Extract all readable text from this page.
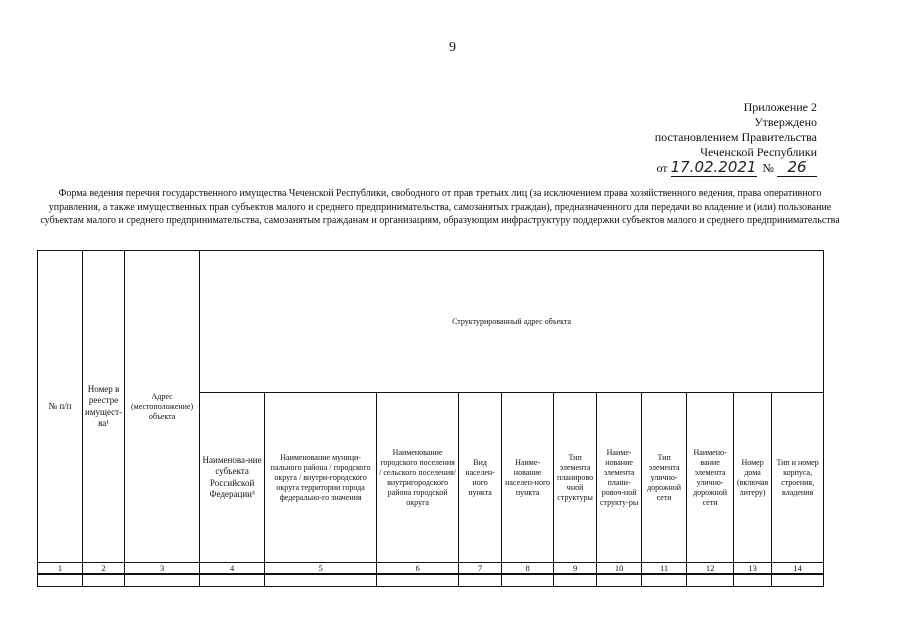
9
Приложение 2
Утверждено
постановлением Правительства
Чеченской Республики
от 17.02.2021 № 26
Форма ведения перечня государственного имущества Чеченской Республики, свободного от прав третьих лиц (за исключением права хозяйственного ведения, права оперативного управления, а также имущественных прав субъектов малого и среднего предпринимательства, самозанятых граждан), предназначенного для передачи во владение и (или) пользование субъектам малого и среднего предпринимательства, самозанятым гражданам и организациям, образующим инфраструктуру поддержки субъектов малого и среднего предпринимательства
№ п/п	Номер в реестре имущест-ва¹	Адрес (местоположение) объекта	Структурированный адрес объекта										
			Наименова-ние субъекта Российской Федерации³	Наименование муници-пального района / городского округа / внутри-городского округа территории города федерально-го значения	Наименование городского поселения / сельского поселения/ внутригородского района городской округа	Вид населен-ного пункта	Наиме-нование населен-ного пункта	Тип элемента планирово чной структуры	Наиме-нование элемента плани-ровоч-ной структу-ры	Тип элемента улично-дорожной сети	Наимено-вание элемента улично-дорожной сети	Номер дома (включая литеру)	Тип и номер корпуса, строения, владения
1	2	3	4	5	6	7	8	9	10	11	12	13	14
